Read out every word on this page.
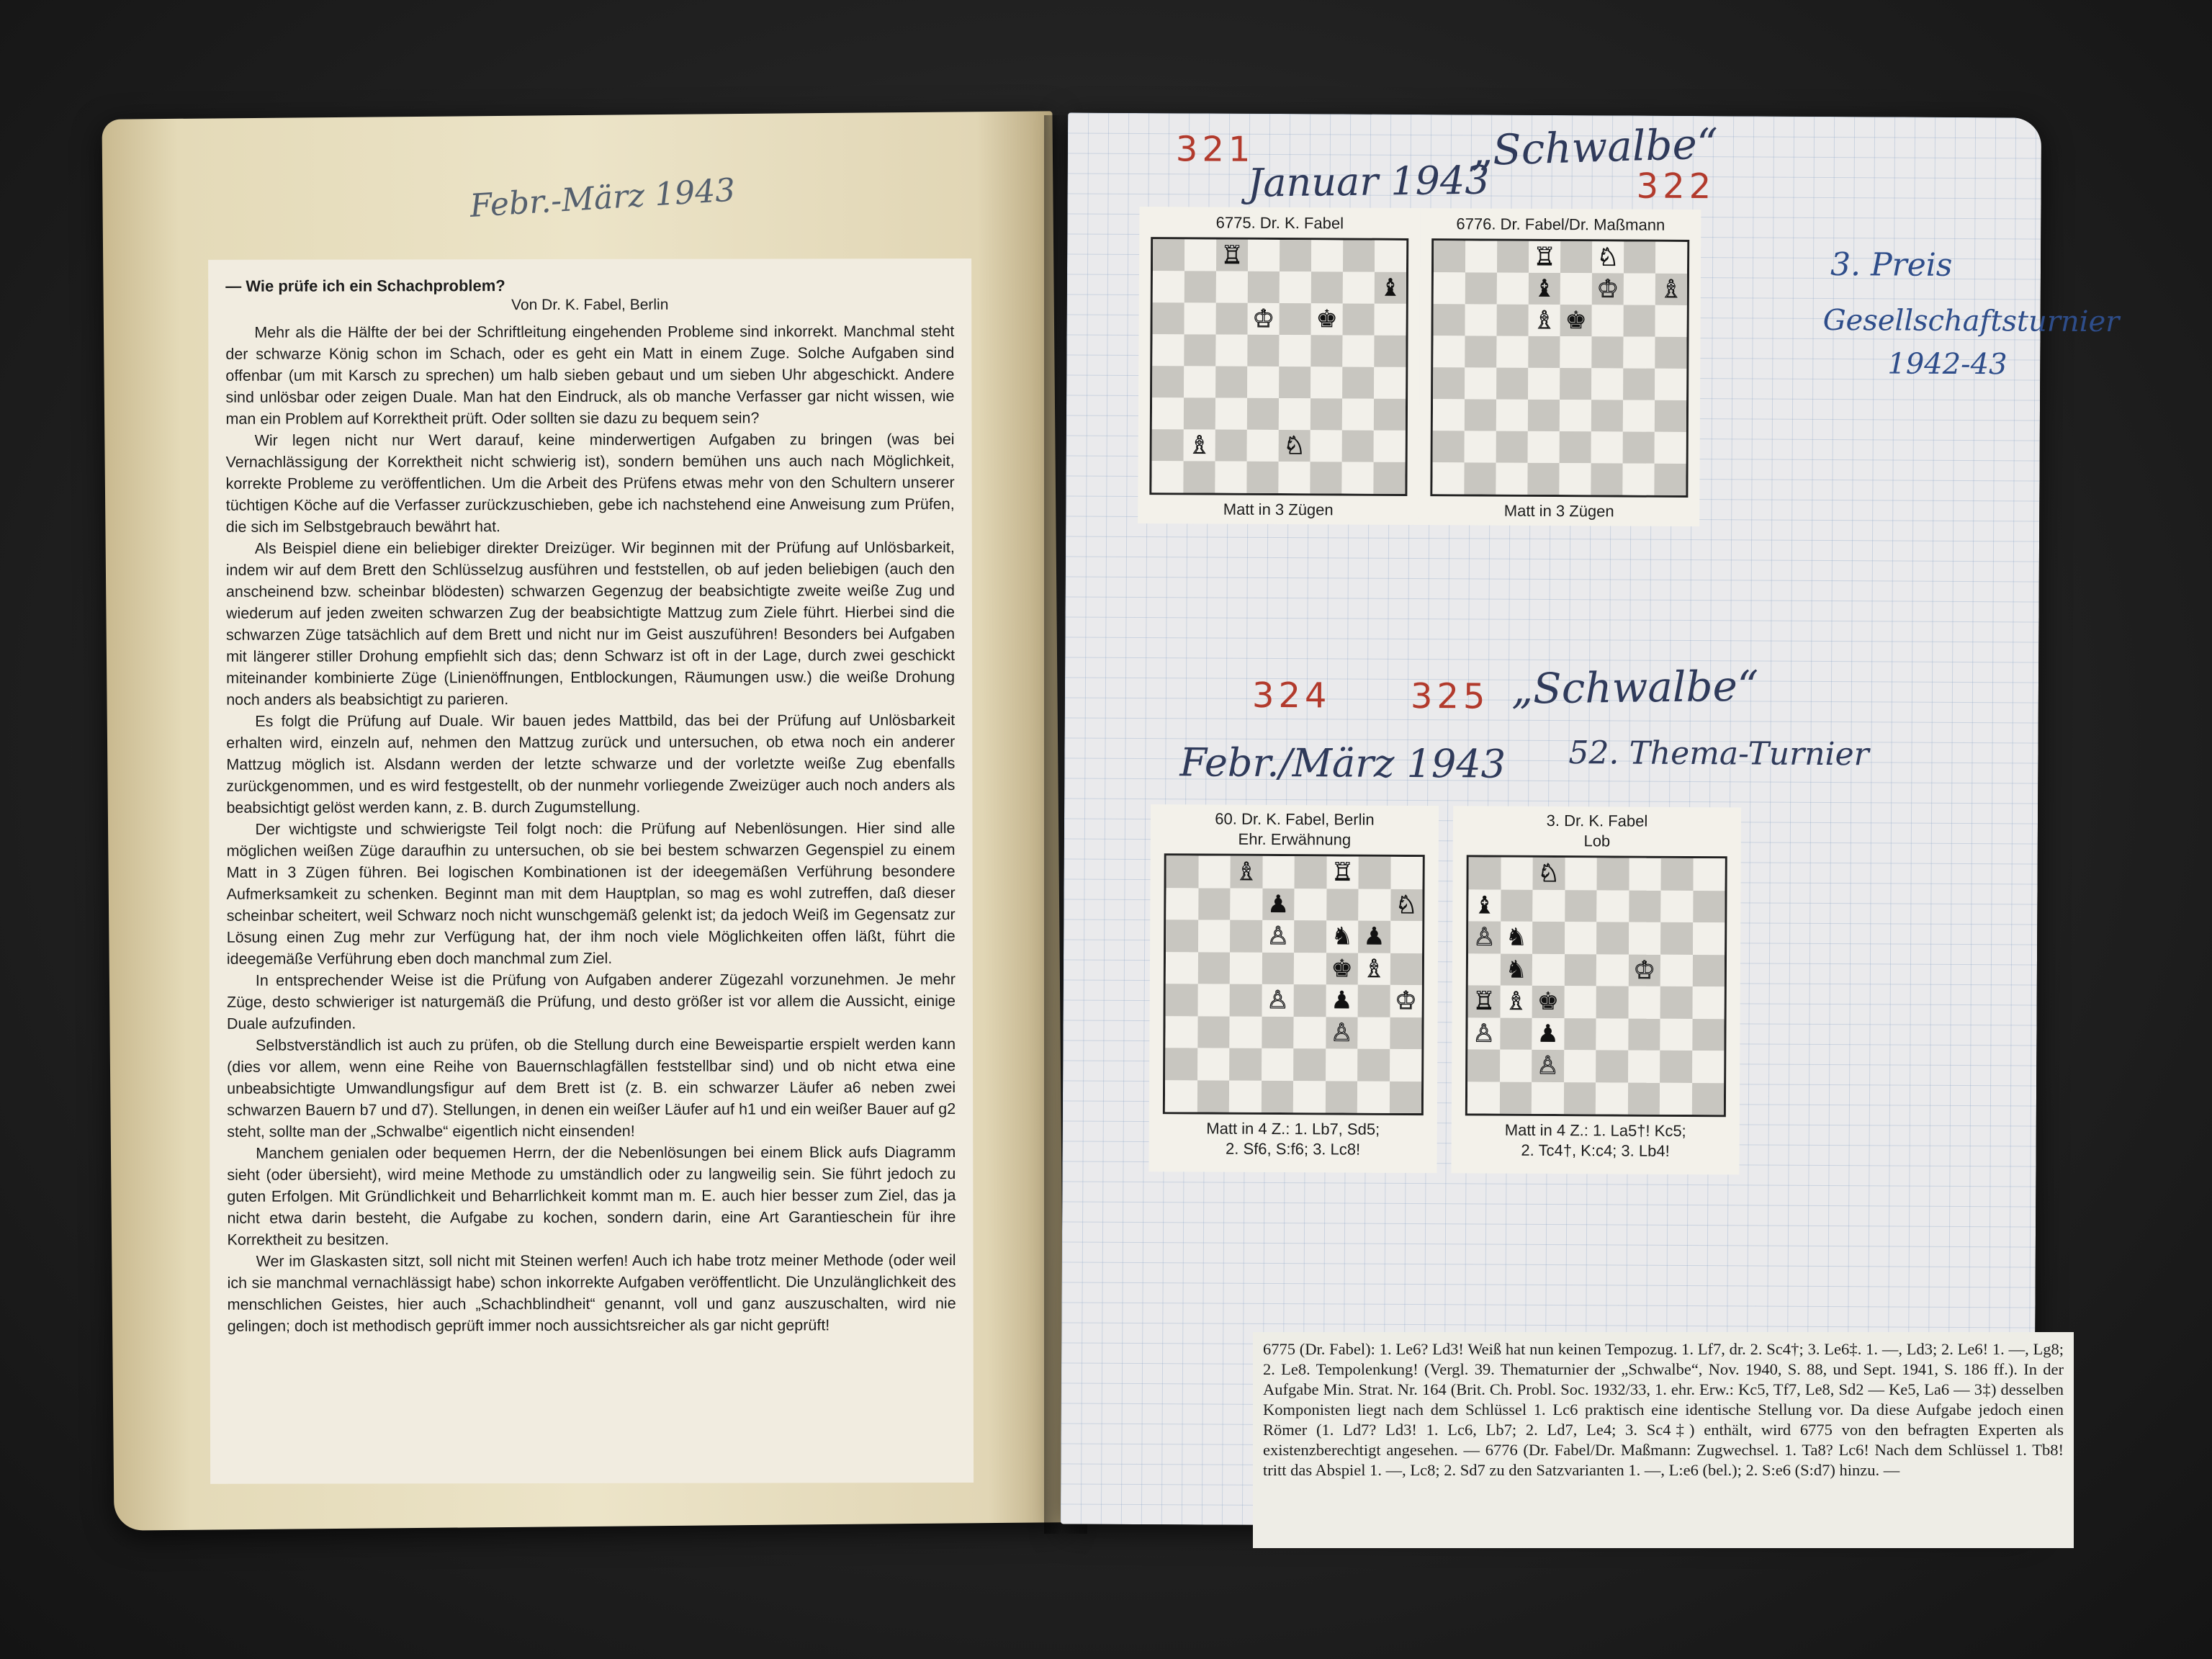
Febr.-März 1943
— Wie prüfe ich ein Schachproblem?
Von Dr. K. Fabel, Berlin

Mehr als die Hälfte der bei der Schriftleitung eingehenden Probleme sind inkorrekt. Manchmal steht der schwarze König schon im Schach, oder es geht ein Matt in einem Zuge. Solche Aufgaben sind offenbar (um mit Karsch zu sprechen) um halb sieben gebaut und um sieben Uhr abgeschickt. Andere sind unlösbar oder zeigen Duale. Man hat den Eindruck, als ob manche Verfasser gar nicht wissen, wie man ein Problem auf Korrektheit prüft. Oder sollten sie dazu zu bequem sein?

Wir legen nicht nur Wert darauf, keine minderwertigen Aufgaben zu bringen (was bei Vernachlässigung der Korrektheit nicht schwierig ist), sondern bemühen uns auch nach Möglichkeit, korrekte Probleme zu veröffentlichen. Um die Arbeit des Prüfens etwas mehr von den Schultern unserer tüchtigen Köche auf die Verfasser zurückzuschieben, gebe ich nachstehend eine Anweisung zum Prüfen, die sich im Selbstgebrauch bewährt hat.

Als Beispiel diene ein beliebiger direkter Dreizüger. Wir beginnen mit der Prüfung auf Unlösbarkeit, indem wir auf dem Brett den Schlüsselzug ausführen und feststellen, ob auf jeden beliebigen (auch den anscheinend bzw. scheinbar blödesten) schwarzen Gegenzug der beabsichtigte zweite weiße Zug und wiederum auf jeden zweiten schwarzen Zug der beabsichtigte Mattzug zum Ziele führt. Hierbei sind die schwarzen Züge tatsächlich auf dem Brett und nicht nur im Geist auszuführen! Besonders bei Aufgaben mit längerer stiller Drohung empfiehlt sich das; denn Schwarz ist oft in der Lage, durch zwei geschickt miteinander kombinierte Züge (Linienöffnungen, Entblockungen, Räumungen usw.) die weiße Drohung noch anders als beabsichtigt zu parieren.

Es folgt die Prüfung auf Duale. Wir bauen jedes Mattbild, das bei der Prüfung auf Unlösbarkeit erhalten wird, einzeln auf, nehmen den Mattzug zurück und untersuchen, ob etwa noch ein anderer Mattzug möglich ist. Alsdann werden der letzte schwarze und der vorletzte weiße Zug ebenfalls zurückgenommen, und es wird festgestellt, ob der nunmehr vorliegende Zweizüger auch noch anders als beabsichtigt gelöst werden kann, z. B. durch Zugumstellung.

Der wichtigste und schwierigste Teil folgt noch: die Prüfung auf Nebenlösungen. Hier sind alle möglichen weißen Züge daraufhin zu untersuchen, ob sie bei bestem schwarzen Gegenspiel zu einem Matt in 3 Zügen führen. Bei logischen Kombinationen ist der ideegemäßen Verführung besondere Aufmerksamkeit zu schenken. Beginnt man mit dem Hauptplan, so mag es wohl zutreffen, daß dieser scheinbar scheitert, weil Schwarz noch nicht wunschgemäß gelenkt ist; da jedoch Weiß im Gegensatz zur Lösung einen Zug mehr zur Verfügung hat, der ihm noch viele Möglichkeiten offen läßt, führt die ideegemäße Verführung eben doch manchmal zum Ziel.

In entsprechender Weise ist die Prüfung von Aufgaben anderer Zügezahl vorzunehmen. Je mehr Züge, desto schwieriger ist naturgemäß die Prüfung, und desto größer ist vor allem die Aussicht, einige Duale aufzufinden.

Selbstverständlich ist auch zu prüfen, ob die Stellung durch eine Beweispartie erspielt werden kann (dies vor allem, wenn eine Reihe von Bauernschlagfällen feststellbar sind) und ob nicht etwa eine unbeabsichtigte Umwandlungsfigur auf dem Brett ist (z. B. ein schwarzer Läufer a6 neben zwei schwarzen Bauern b7 und d7). Stellungen, in denen ein weißer Läufer auf h1 und ein weißer Bauer auf g2 steht, sollte man der „Schwalbe“ eigentlich nicht einsenden!

Manchem genialen oder bequemen Herrn, der die Nebenlösungen bei einem Blick aufs Diagramm sieht (oder übersieht), wird meine Methode zu umständlich oder zu langweilig sein. Sie führt jedoch zu guten Erfolgen. Mit Gründlichkeit und Beharrlichkeit kommt man m. E. auch hier besser zum Ziel, das ja nicht etwa darin besteht, die Aufgabe zu kochen, sondern darin, eine Art Garantieschein für ihre Korrektheit zu besitzen.

Wer im Glaskasten sitzt, soll nicht mit Steinen werfen! Auch ich habe trotz meiner Methode (oder weil ich sie manchmal vernachlässigt habe) schon inkorrekte Aufgaben veröffentlicht. Die Unzulänglichkeit des menschlichen Geistes, hier auch „Schachblindheit“ genannt, voll und ganz auszuschalten, wird nie gelingen; doch ist methodisch geprüft immer noch aussichtsreicher als gar nicht geprüft!

321	„Schwalbe“
Januar 1943	322
3. Preis
Gesellschaftsturnier
1942-43
6775. Dr. K. Fabel
♖
♝
♔ ♚
♗	♘
Matt in 3 Zügen
6776. Dr. Fabel/Dr. Maßmann
♖ ♘
♝ ♔ ♗
♗ ♚
Matt in 3 Zügen
324 325 „Schwalbe“
Febr./März 1943 52. Thema-Turnier
60. Dr. K. Fabel, Berlin
Ehr. Erwähnung
♗	♖
♟	♘
♙ ♞ ♟
♚ ♗
♙ ♟ ♔
♙
Matt in 4 Z.: 1. Lb7, Sd5;
2. Sf6, S:f6; 3. Lc8!
3. Dr. K. Fabel
Lob
♘
♝
♙ ♞
♞	♔
♖ ♗ ♚
♙ ♟
♙
Matt in 4 Z.: 1. La5†! Kc5;
2. Tc4†, K:c4; 3. Lb4!
6775 (Dr. Fabel): 1. Le6? Ld3! Weiß hat nun keinen Tempozug. 1. Lf7, dr. 2. Sc4†; 3. Le6‡. 1. —, Ld3; 2. Le6! 1. —, Lg8; 2. Le8. Tempolenkung! (Vergl. 39. Thematurnier der „Schwalbe“, Nov. 1940, S. 88, und Sept. 1941, S. 186 ff.). In der Aufgabe Min. Strat. Nr. 164 (Brit. Ch. Probl. Soc. 1932/33, 1. ehr. Erw.: Kc5, Tf7, Le8, Sd2 — Ke5, La6 — 3‡) desselben Komponisten liegt nach dem Schlüssel 1. Lc6 praktisch eine identische Stellung vor. Da diese Aufgabe jedoch einen Römer (1. Ld7? Ld3! 1. Lc6, Lb7; 2. Ld7, Le4; 3. Sc4‡) enthält, wird 6775 von den befragten Experten als existenzberechtigt angesehen. — 6776 (Dr. Fabel/Dr. Maßmann: Zugwechsel. 1. Ta8? Lc6! Nach dem Schlüssel 1. Tb8! tritt das Abspiel 1. —, Lc8; 2. Sd7 zu den Satzvarianten 1. —, L:e6 (bel.); 2. S:e6 (S:d7) hinzu. —
